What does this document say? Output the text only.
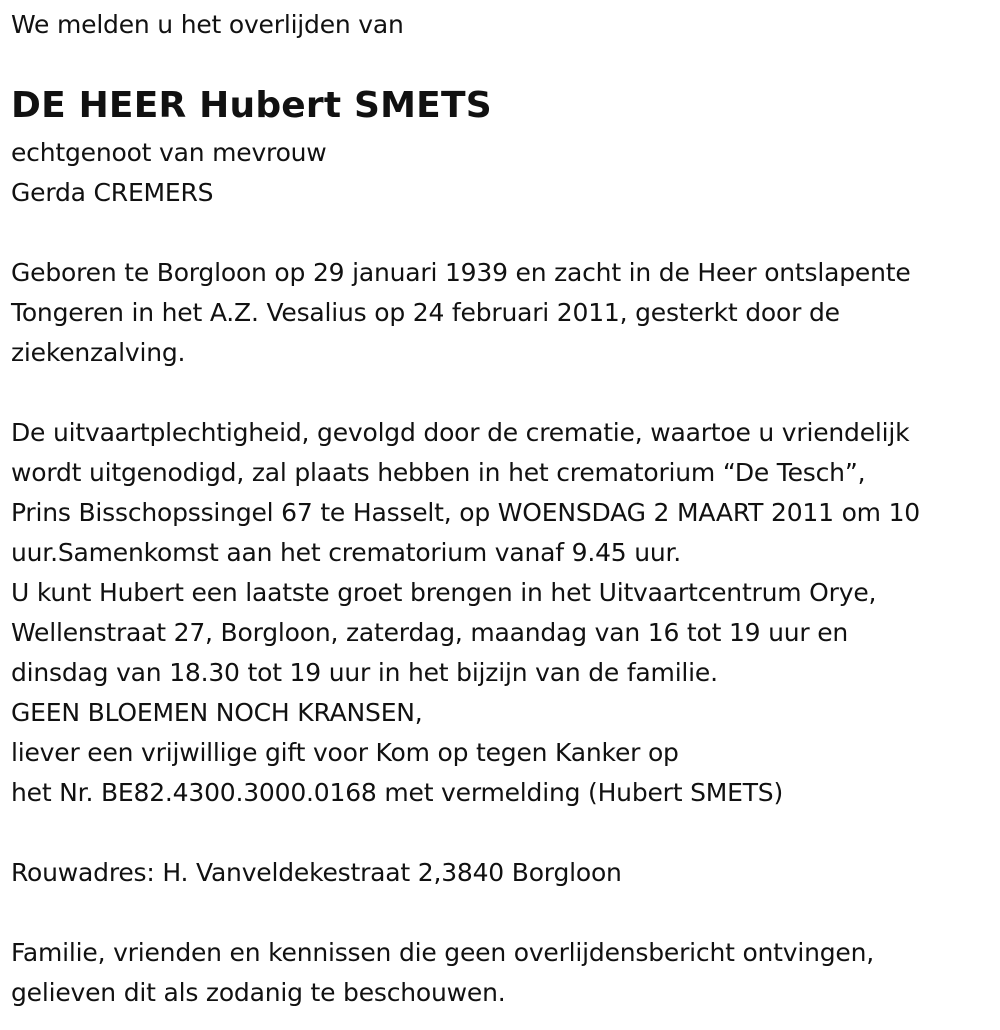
We melden u het overlijden van
DE HEER Hubert SMETS
echtgenoot van mevrouw
Gerda CREMERS
Geboren te Borgloon op 29 januari 1939 en zacht in de Heer ontslapente
Tongeren in het A.Z. Vesalius op 24 februari 2011, gesterkt door de
ziekenzalving.
De uitvaartplechtigheid, gevolgd door de crematie, waartoe u vriendelijk
wordt uitgenodigd, zal plaats hebben in het crematorium “De Tesch”,
Prins Bisschopssingel 67 te Hasselt, op WOENSDAG 2 MAART 2011 om 10
uur.Samenkomst aan het crematorium vanaf 9.45 uur.
U kunt Hubert een laatste groet brengen in het Uitvaartcentrum Orye,
Wellenstraat 27, Borgloon, zaterdag, maandag van 16 tot 19 uur en
dinsdag van 18.30 tot 19 uur in het bijzijn van de familie.
GEEN BLOEMEN NOCH KRANSEN,
liever een vrijwillige gift voor Kom op tegen Kanker op
het Nr. BE82.4300.3000.0168 met vermelding (Hubert SMETS)
Rouwadres: H. Vanveldekestraat 2,3840 Borgloon
Familie, vrienden en kennissen die geen overlijdensbericht ontvingen,
gelieven dit als zodanig te beschouwen.
